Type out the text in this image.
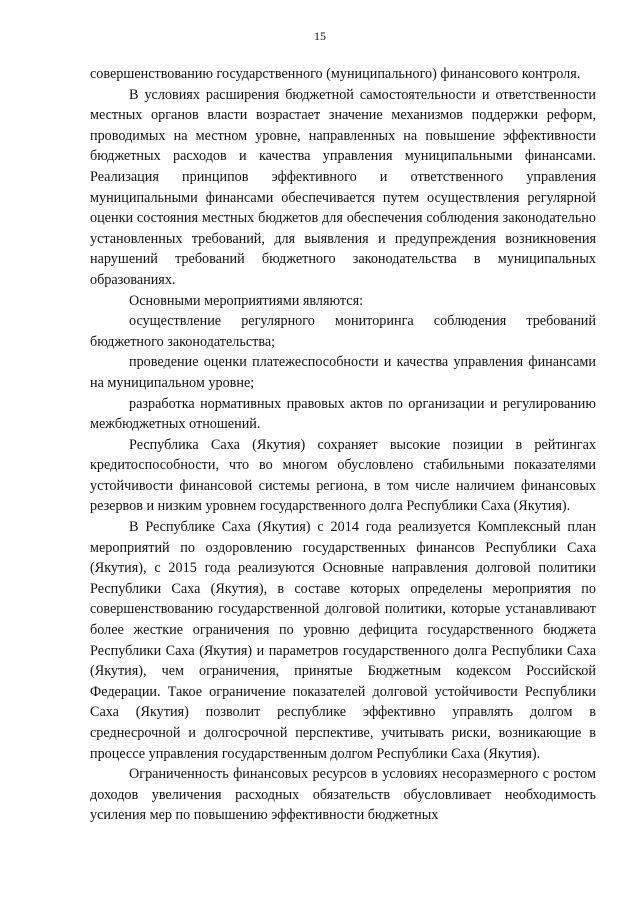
15

совершенствованию государственного (муниципального) финансового контроля.

В условиях расширения бюджетной самостоятельности и ответственности местных органов власти возрастает значение механизмов поддержки реформ, проводимых на местном уровне, направленных на повышение эффективности бюджетных расходов и качества управления муниципальными финансами. Реализация принципов эффективного и ответственного управления муниципальными финансами обеспечивается путем осуществления регулярной оценки состояния местных бюджетов для обеспечения соблюдения законодательно установленных требований, для выявления и предупреждения возникновения нарушений требований бюджетного законодательства в муниципальных образованиях.

Основными мероприятиями являются:

осуществление регулярного мониторинга соблюдения требований бюджетного законодательства;

проведение оценки платежеспособности и качества управления финансами на муниципальном уровне;

разработка нормативных правовых актов по организации и регулированию межбюджетных отношений.

Республика Саха (Якутия) сохраняет высокие позиции в рейтингах кредитоспособности, что во многом обусловлено стабильными показателями устойчивости финансовой системы региона, в том числе наличием финансовых резервов и низким уровнем государственного долга Республики Саха (Якутия).

В Республике Саха (Якутия) с 2014 года реализуется Комплексный план мероприятий по оздоровлению государственных финансов Республики Саха (Якутия), с 2015 года реализуются Основные направления долговой политики Республики Саха (Якутия), в составе которых определены мероприятия по совершенствованию государственной долговой политики, которые устанавливают более жесткие ограничения по уровню дефицита государственного бюджета Республики Саха (Якутия) и параметров государственного долга Республики Саха (Якутия), чем ограничения, принятые Бюджетным кодексом Российской Федерации. Такое ограничение показателей долговой устойчивости Республики Саха (Якутия) позволит республике эффективно управлять долгом в среднесрочной и долгосрочной перспективе, учитывать риски, возникающие в процессе управления государственным долгом Республики Саха (Якутия).

Ограниченность финансовых ресурсов в условиях несоразмерного с ростом доходов увеличения расходных обязательств обусловливает необходимость усиления мер по повышению эффективности бюджетных
